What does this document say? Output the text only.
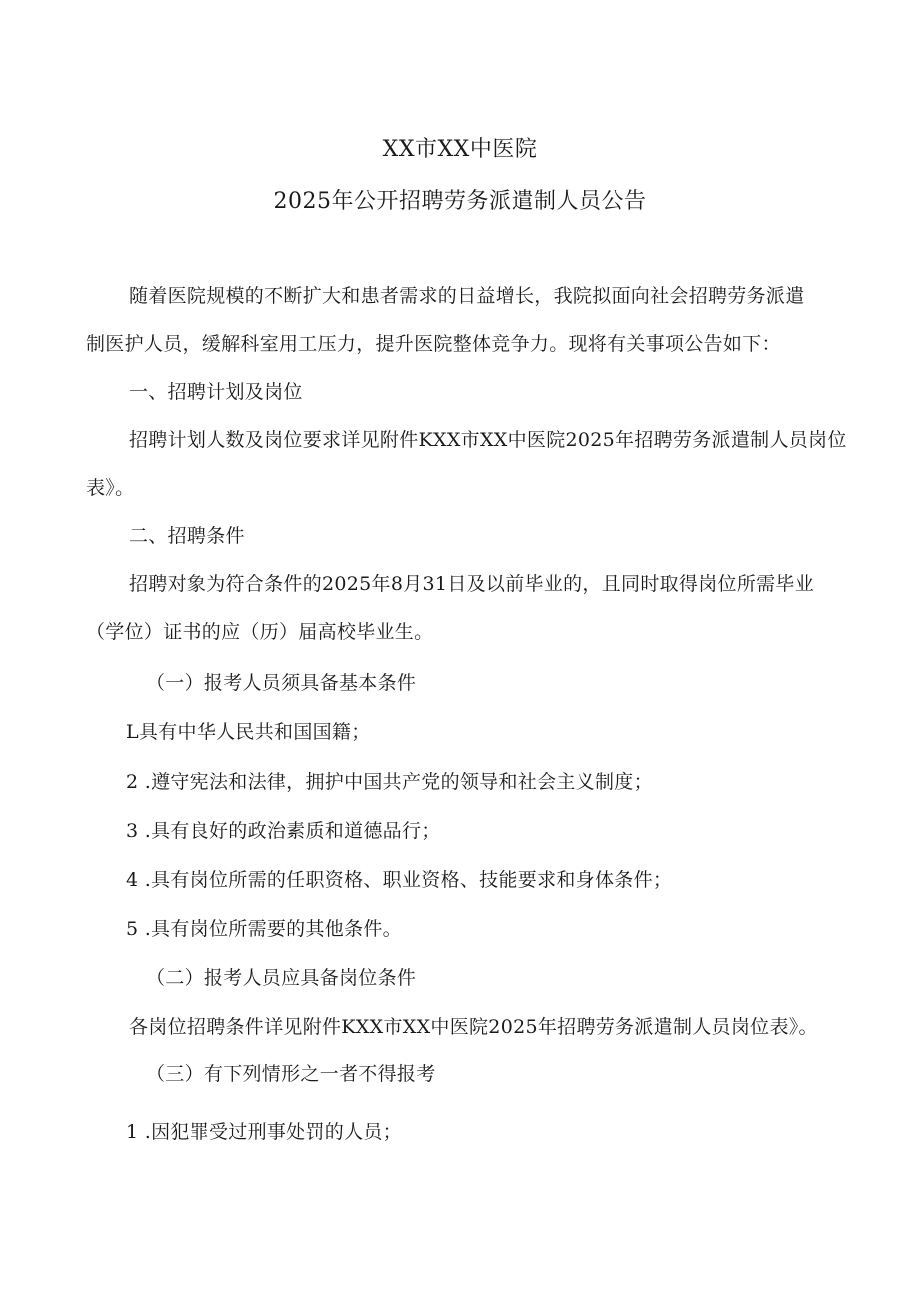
XX市XX中医院
2025年公开招聘劳务派遣制人员公告
随着医院规模的不断扩大和患者需求的日益增长，我院拟面向社会招聘劳务派遣
制医护人员，缓解科室用工压力，提升医院整体竞争力。现将有关事项公告如下：
一、招聘计划及岗位
招聘计划人数及岗位要求详见附件KXX市XX中医院2025年招聘劳务派遣制人员岗位
表》。
二、招聘条件
招聘对象为符合条件的2025年8月31日及以前毕业的，且同时取得岗位所需毕业
（学位）证书的应（历）届高校毕业生。
（一）报考人员须具备基本条件
L具有中华人民共和国国籍；
2 .遵守宪法和法律，拥护中国共产党的领导和社会主义制度；
3 .具有良好的政治素质和道德品行；
4 .具有岗位所需的任职资格、职业资格、技能要求和身体条件；
5 .具有岗位所需要的其他条件。
（二）报考人员应具备岗位条件
各岗位招聘条件详见附件KXX市XX中医院2025年招聘劳务派遣制人员岗位表》。
（三）有下列情形之一者不得报考
1 .因犯罪受过刑事处罚的人员；
